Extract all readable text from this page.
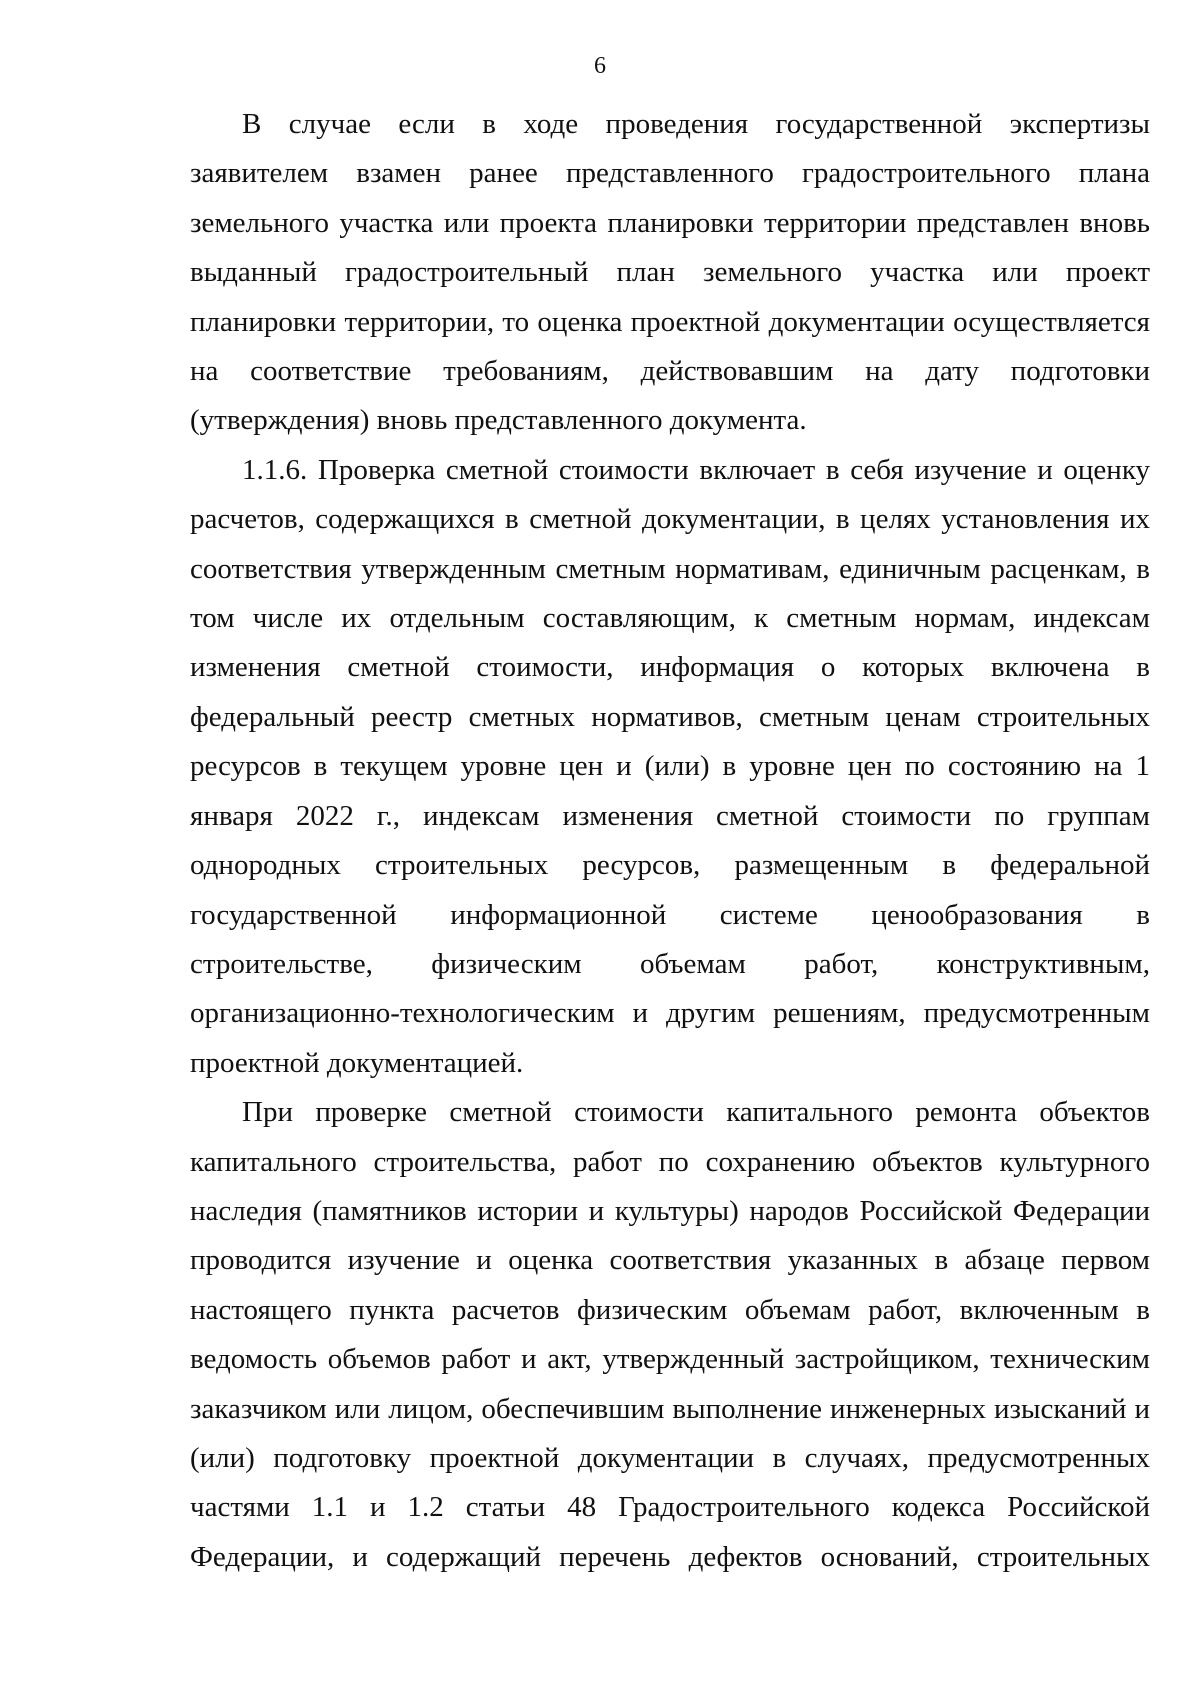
6

В случае если в ходе проведения государственной экспертизы заявителем взамен ранее представленного градостроительного плана земельного участка или проекта планировки территории представлен вновь выданный градостроительный план земельного участка или проект планировки территории, то оценка проектной документации осуществляется на соответствие требованиям, действовавшим на дату подготовки (утверждения) вновь представленного документа.

1.1.6. Проверка сметной стоимости включает в себя изучение и оценку расчетов, содержащихся в сметной документации, в целях установления их соответствия утвержденным сметным нормативам, единичным расценкам, в том числе их отдельным составляющим, к сметным нормам, индексам изменения сметной стоимости, информация о которых включена в федеральный реестр сметных нормативов, сметным ценам строительных ресурсов в текущем уровне цен и (или) в уровне цен по состоянию на 1 января 2022 г., индексам изменения сметной стоимости по группам однородных строительных ресурсов, размещенным в федеральной государственной информационной системе ценообразования в строительстве, физическим объемам работ, конструктивным, организационно-технологическим и другим решениям, предусмотренным проектной документацией.

При проверке сметной стоимости капитального ремонта объектов капитального строительства, работ по сохранению объектов культурного наследия (памятников истории и культуры) народов Российской Федерации проводится изучение и оценка соответствия указанных в абзаце первом настоящего пункта расчетов физическим объемам работ, включенным в ведомость объемов работ и акт, утвержденный застройщиком, техническим заказчиком или лицом, обеспечившим выполнение инженерных изысканий и (или) подготовку проектной документации в случаях, предусмотренных частями 1.1 и 1.2 статьи 48 Градостроительного кодекса Российской Федерации, и содержащий перечень дефектов оснований, строительных
